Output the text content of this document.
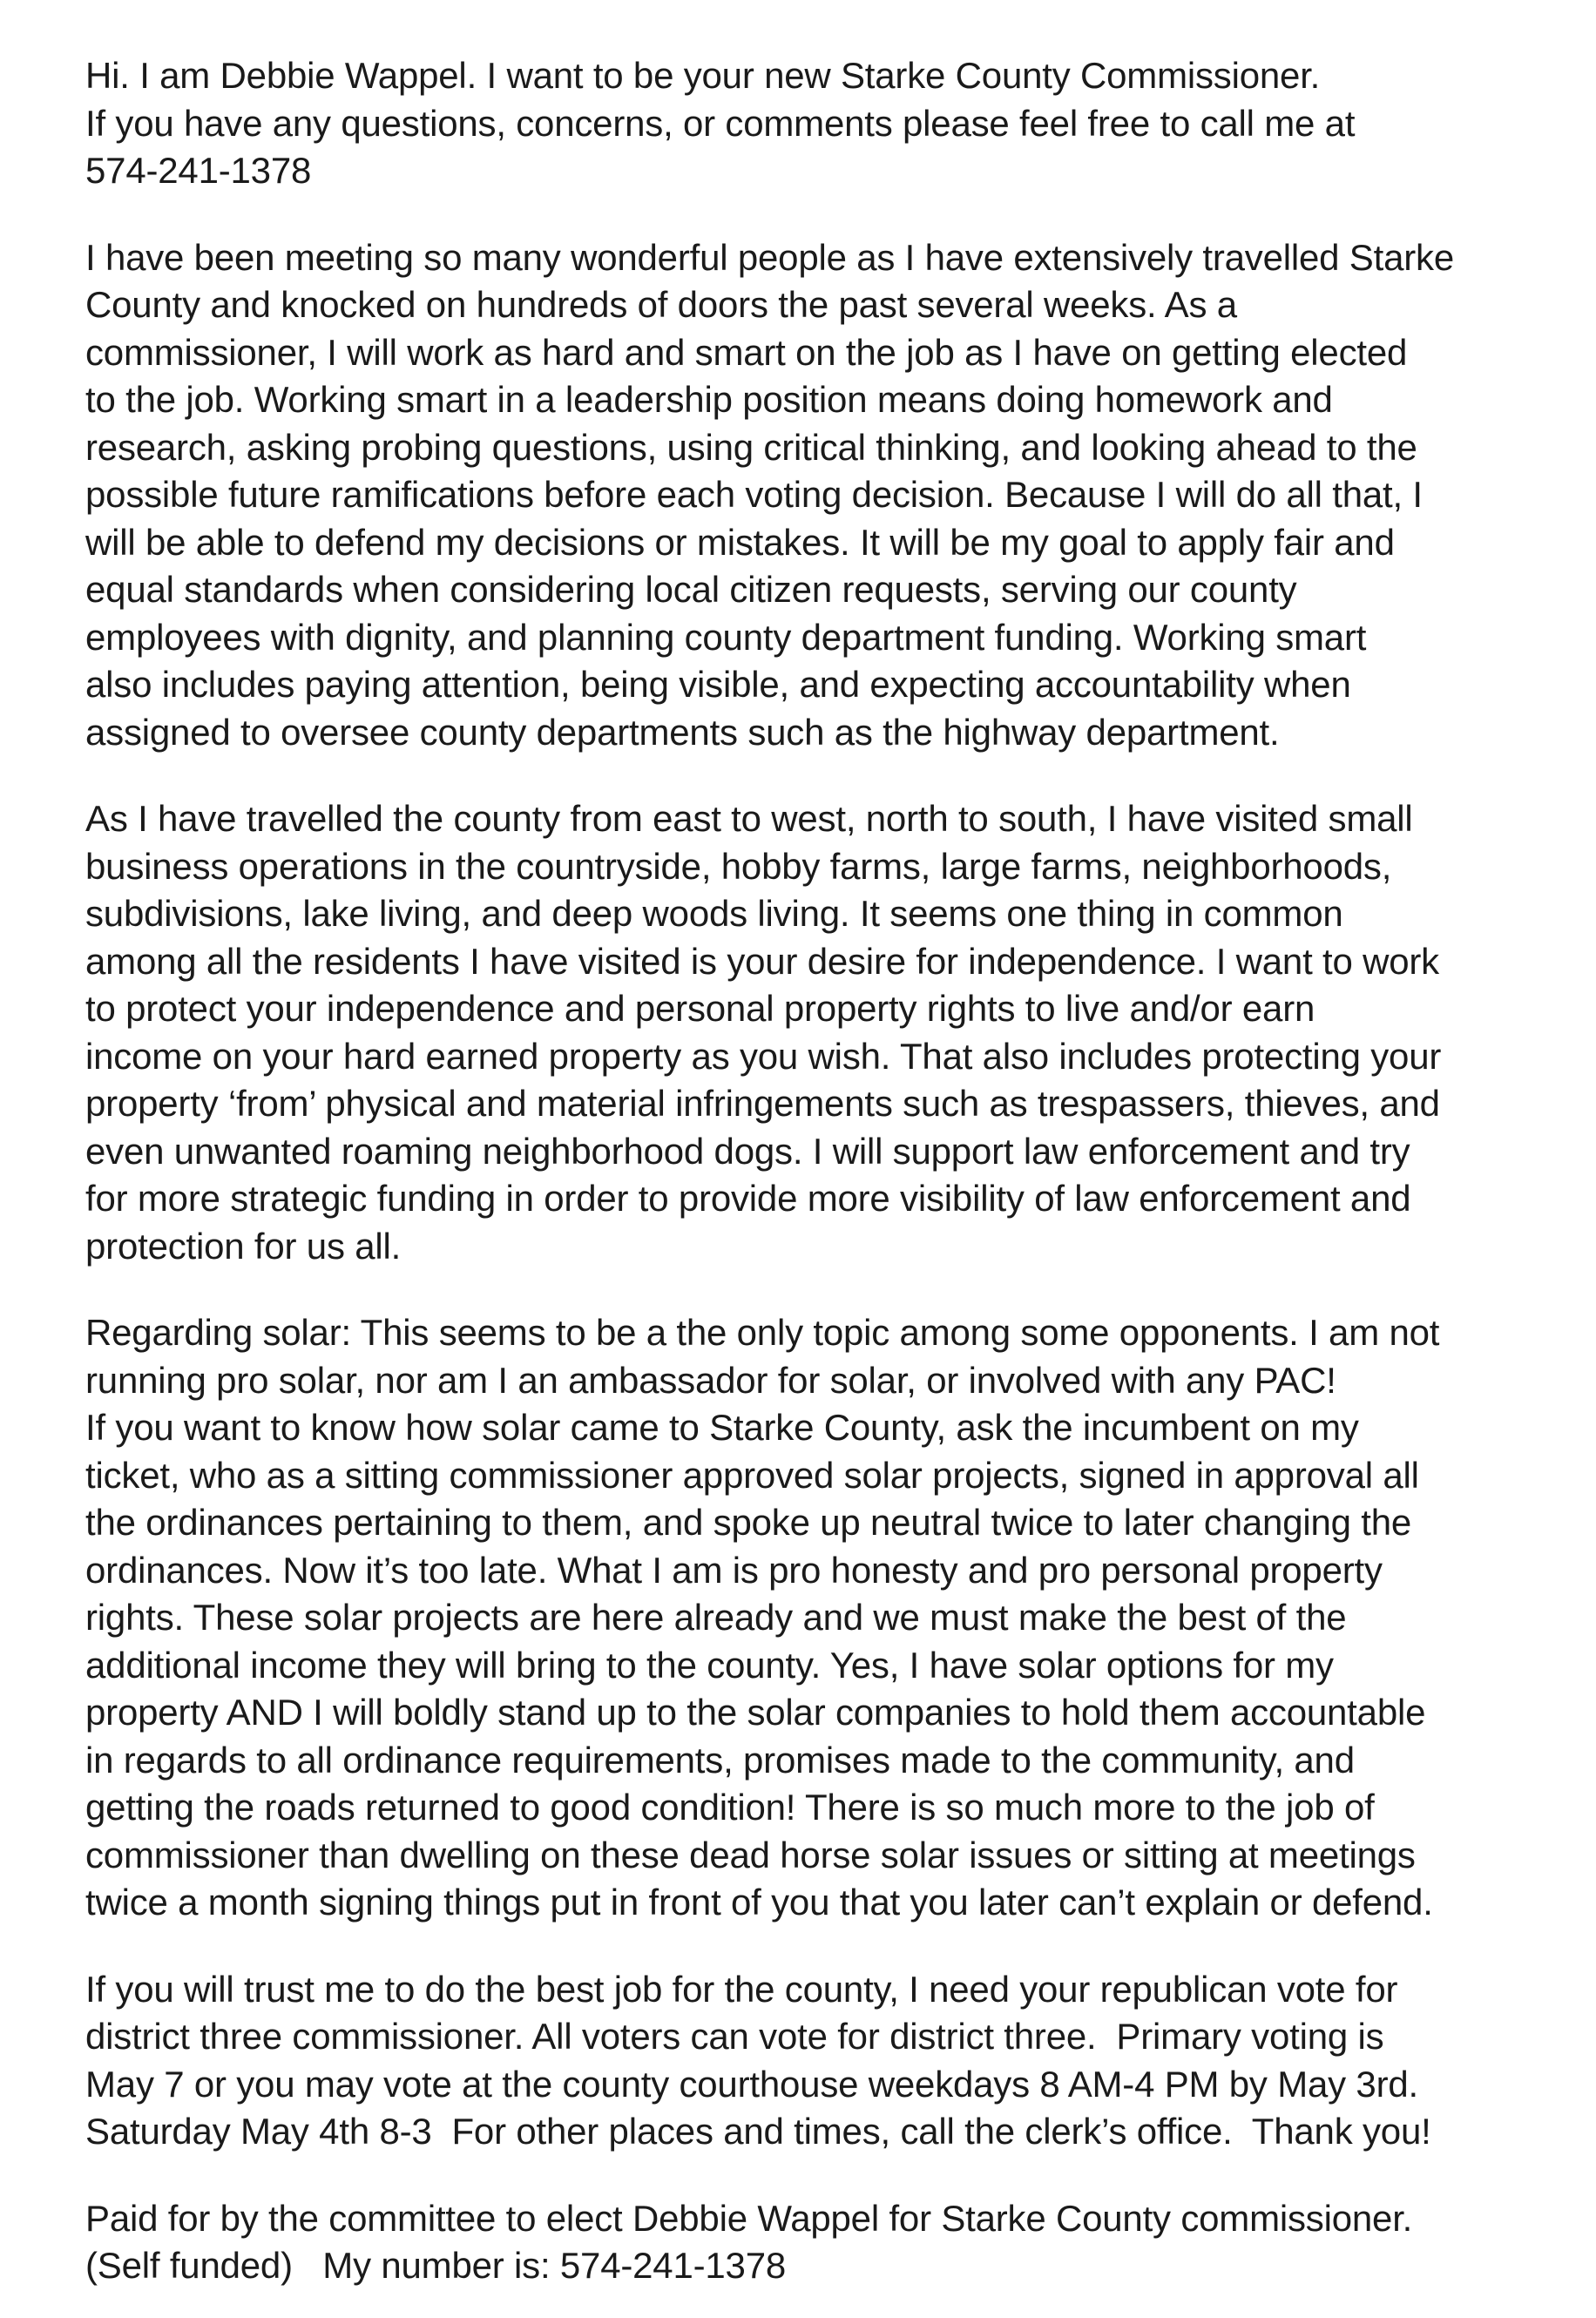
Hi. I am Debbie Wappel. I want to be your new Starke County Commissioner.
If you have any questions, concerns, or comments please feel free to call me at
574-241-1378

I have been meeting so many wonderful people as I have extensively travelled Starke
County and knocked on hundreds of doors the past several weeks. As a
commissioner, I will work as hard and smart on the job as I have on getting elected
to the job. Working smart in a leadership position means doing homework and
research, asking probing questions, using critical thinking, and looking ahead to the
possible future ramifications before each voting decision. Because I will do all that, I
will be able to defend my decisions or mistakes. It will be my goal to apply fair and
equal standards when considering local citizen requests, serving our county
employees with dignity, and planning county department funding. Working smart
also includes paying attention, being visible, and expecting accountability when
assigned to oversee county departments such as the highway department.

As I have travelled the county from east to west, north to south, I have visited small
business operations in the countryside, hobby farms, large farms, neighborhoods,
subdivisions, lake living, and deep woods living. It seems one thing in common
among all the residents I have visited is your desire for independence. I want to work
to protect your independence and personal property rights to live and/or earn
income on your hard earned property as you wish. That also includes protecting your
property ‘from’ physical and material infringements such as trespassers, thieves, and
even unwanted roaming neighborhood dogs. I will support law enforcement and try
for more strategic funding in order to provide more visibility of law enforcement and
protection for us all.

Regarding solar: This seems to be a the only topic among some opponents. I am not
running pro solar, nor am I an ambassador for solar, or involved with any PAC!
If you want to know how solar came to Starke County, ask the incumbent on my
ticket, who as a sitting commissioner approved solar projects, signed in approval all
the ordinances pertaining to them, and spoke up neutral twice to later changing the
ordinances. Now it’s too late. What I am is pro honesty and pro personal property
rights. These solar projects are here already and we must make the best of the
additional income they will bring to the county. Yes, I have solar options for my
property AND I will boldly stand up to the solar companies to hold them accountable
in regards to all ordinance requirements, promises made to the community, and
getting the roads returned to good condition! There is so much more to the job of
commissioner than dwelling on these dead horse solar issues or sitting at meetings
twice a month signing things put in front of you that you later can’t explain or defend.

If you will trust me to do the best job for the county, I need your republican vote for
district three commissioner. All voters can vote for district three.  Primary voting is
May 7 or you may vote at the county courthouse weekdays 8 AM-4 PM by May 3rd.
Saturday May 4th 8-3  For other places and times, call the clerk’s office.  Thank you!

Paid for by the committee to elect Debbie Wappel for Starke County commissioner.
(Self funded)   My number is: 574-241-1378
